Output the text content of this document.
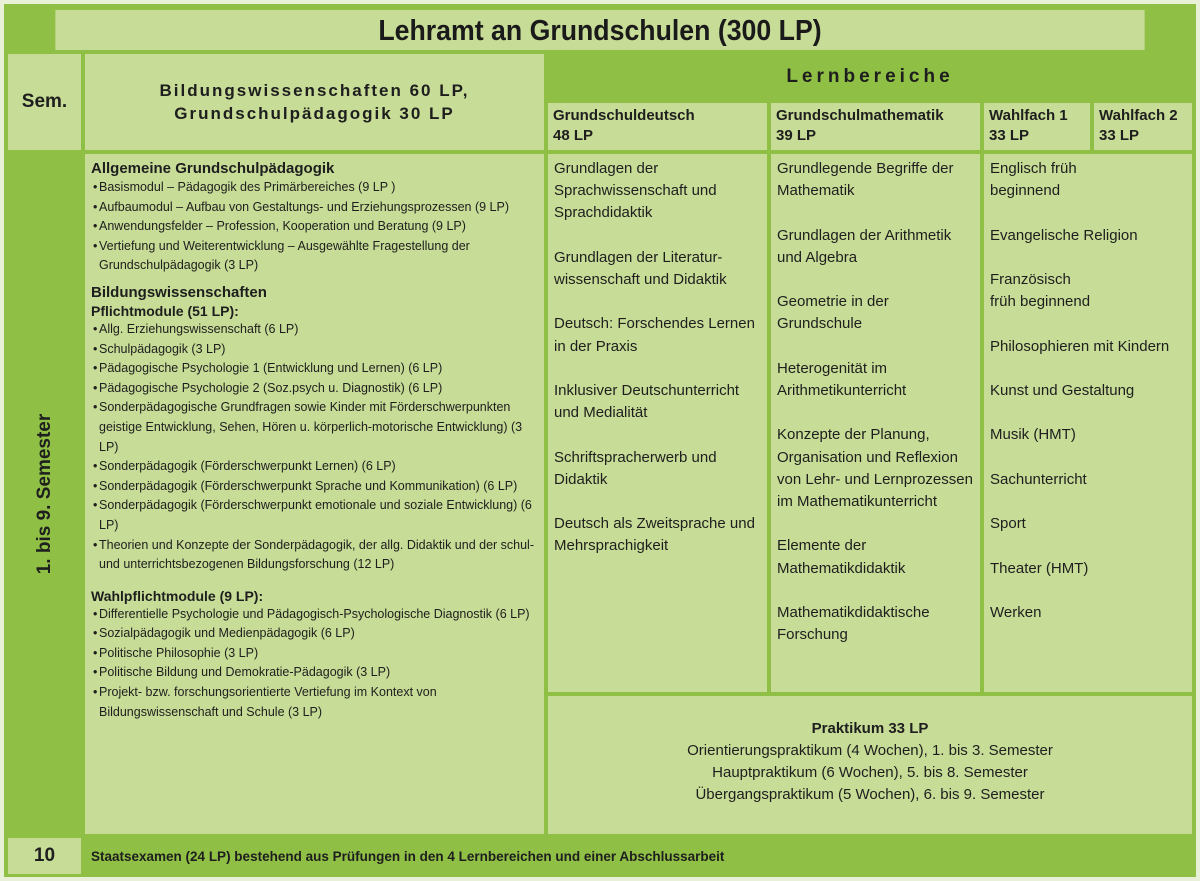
Lehramt an Grundschulen (300 LP)
Sem.
Bildungswissenschaften 60 LP,
Grundschulpädagogik 30 LP
Lernbereiche
Grundschuldeutsch
48 LP
Grundschulmathematik
39 LP
Wahlfach 1
33 LP
Wahlfach 2
33 LP
1. bis 9. Semester
Allgemeine Grundschulpädagogik
• Basismodul – Pädagogik des Primärbereiches (9 LP )
• Aufbaumodul – Aufbau von Gestaltungs- und Erziehungsprozessen (9 LP)
• Anwendungsfelder – Profession, Kooperation und Beratung (9 LP)
• Vertiefung und Weiterentwicklung – Ausgewählte Fragestellung der Grundschulpädagogik (3 LP)
Bildungswissenschaften
Pflichtmodule (51 LP):
• Allg. Erziehungswissenschaft (6 LP)
• Schulpädagogik (3 LP)
• Pädagogische Psychologie 1 (Entwicklung und Lernen) (6 LP)
• Pädagogische Psychologie 2 (Soz.psych u. Diagnostik) (6 LP)
• Sonderpädagogische Grundfragen sowie Kinder mit Förderschwerpunkten geistige Entwicklung, Sehen, Hören u. körperlich-motorische Entwicklung) (3 LP)
• Sonderpädagogik (Förderschwerpunkt Lernen) (6 LP)
• Sonderpädagogik (Förderschwerpunkt Sprache und Kommunikation) (6 LP)
• Sonderpädagogik (Förderschwerpunkt emotionale und soziale Entwicklung) (6 LP)
• Theorien und Konzepte der Sonderpädagogik, der allg. Didaktik und der schul- und unterrichtsbezogenen Bildungsforschung (12 LP)
Wahlpflichtmodule (9 LP):
• Differentielle Psychologie und Pädagogisch-Psychologische Diagnostik (6 LP)
• Sozialpädagogik und Medienpädagogik (6 LP)
• Politische Philosophie (3 LP)
• Politische Bildung und Demokratie-Pädagogik (3 LP)
• Projekt- bzw. forschungsorientierte Vertiefung im Kontext von Bildungswissenschaft und Schule (3 LP)
Grundlagen der Sprachwissenschaft und Sprachdidaktik
Grundlagen der Literatur-wissenschaft und Didaktik
Deutsch: Forschendes Lernen in der Praxis
Inklusiver Deutschunterricht und Medialität
Schriftspracherwerb und Didaktik
Deutsch als Zweitsprache und Mehrsprachigkeit
Grundlegende Begriffe der Mathematik
Grundlagen der Arithmetik und Algebra
Geometrie in der Grundschule
Heterogenität im Arithmetikunterricht
Konzepte der Planung, Organisation und Reflexion von Lehr- und Lernprozessen im Mathematikunterricht
Elemente der Mathematikdidaktik
Mathematikdidaktische Forschung
Englisch früh beginnend
Evangelische Religion
Französisch früh beginnend
Philosophieren mit Kindern
Kunst und Gestaltung
Musik (HMT)
Sachunterricht
Sport
Theater (HMT)
Werken
Praktikum 33 LP
Orientierungspraktikum (4 Wochen), 1. bis 3. Semester
Hauptpraktikum (6 Wochen), 5. bis 8. Semester
Übergangspraktikum (5 Wochen), 6. bis 9. Semester
10	Staatsexamen (24 LP) bestehend aus Prüfungen in den 4 Lernbereichen und einer Abschlussarbeit
